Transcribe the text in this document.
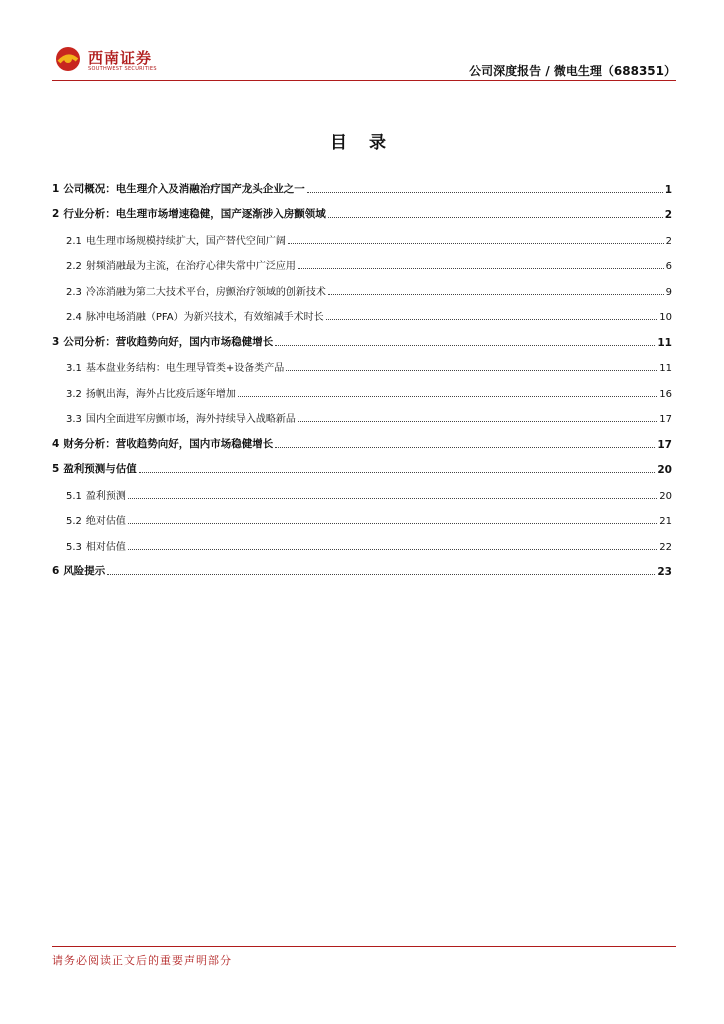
西南证券
SOUTHWEST SECURITIES	公司深度报告 / 微电生理（688351）
目 录
1 公司概况：电生理介入及消融治疗国产龙头企业之一	1
2 行业分析：电生理市场增速稳健，国产逐渐涉入房颤领域	2
2.1 电生理市场规模持续扩大，国产替代空间广阔	2
2.2 射频消融最为主流，在治疗心律失常中广泛应用	6
2.3 冷冻消融为第二大技术平台，房颤治疗领域的创新技术	9
2.4 脉冲电场消融（PFA）为新兴技术，有效缩减手术时长	10
3 公司分析：营收趋势向好，国内市场稳健增长	11
3.1 基本盘业务结构：电生理导管类+设备类产品	11
3.2 扬帆出海，海外占比疫后逐年增加	16
3.3 国内全面进军房颤市场，海外持续导入战略新品	17
4 财务分析：营收趋势向好，国内市场稳健增长	17
5 盈利预测与估值	20
5.1 盈利预测	20
5.2 绝对估值	21
5.3 相对估值	22
6 风险提示	23
请务必阅读正文后的重要声明部分
